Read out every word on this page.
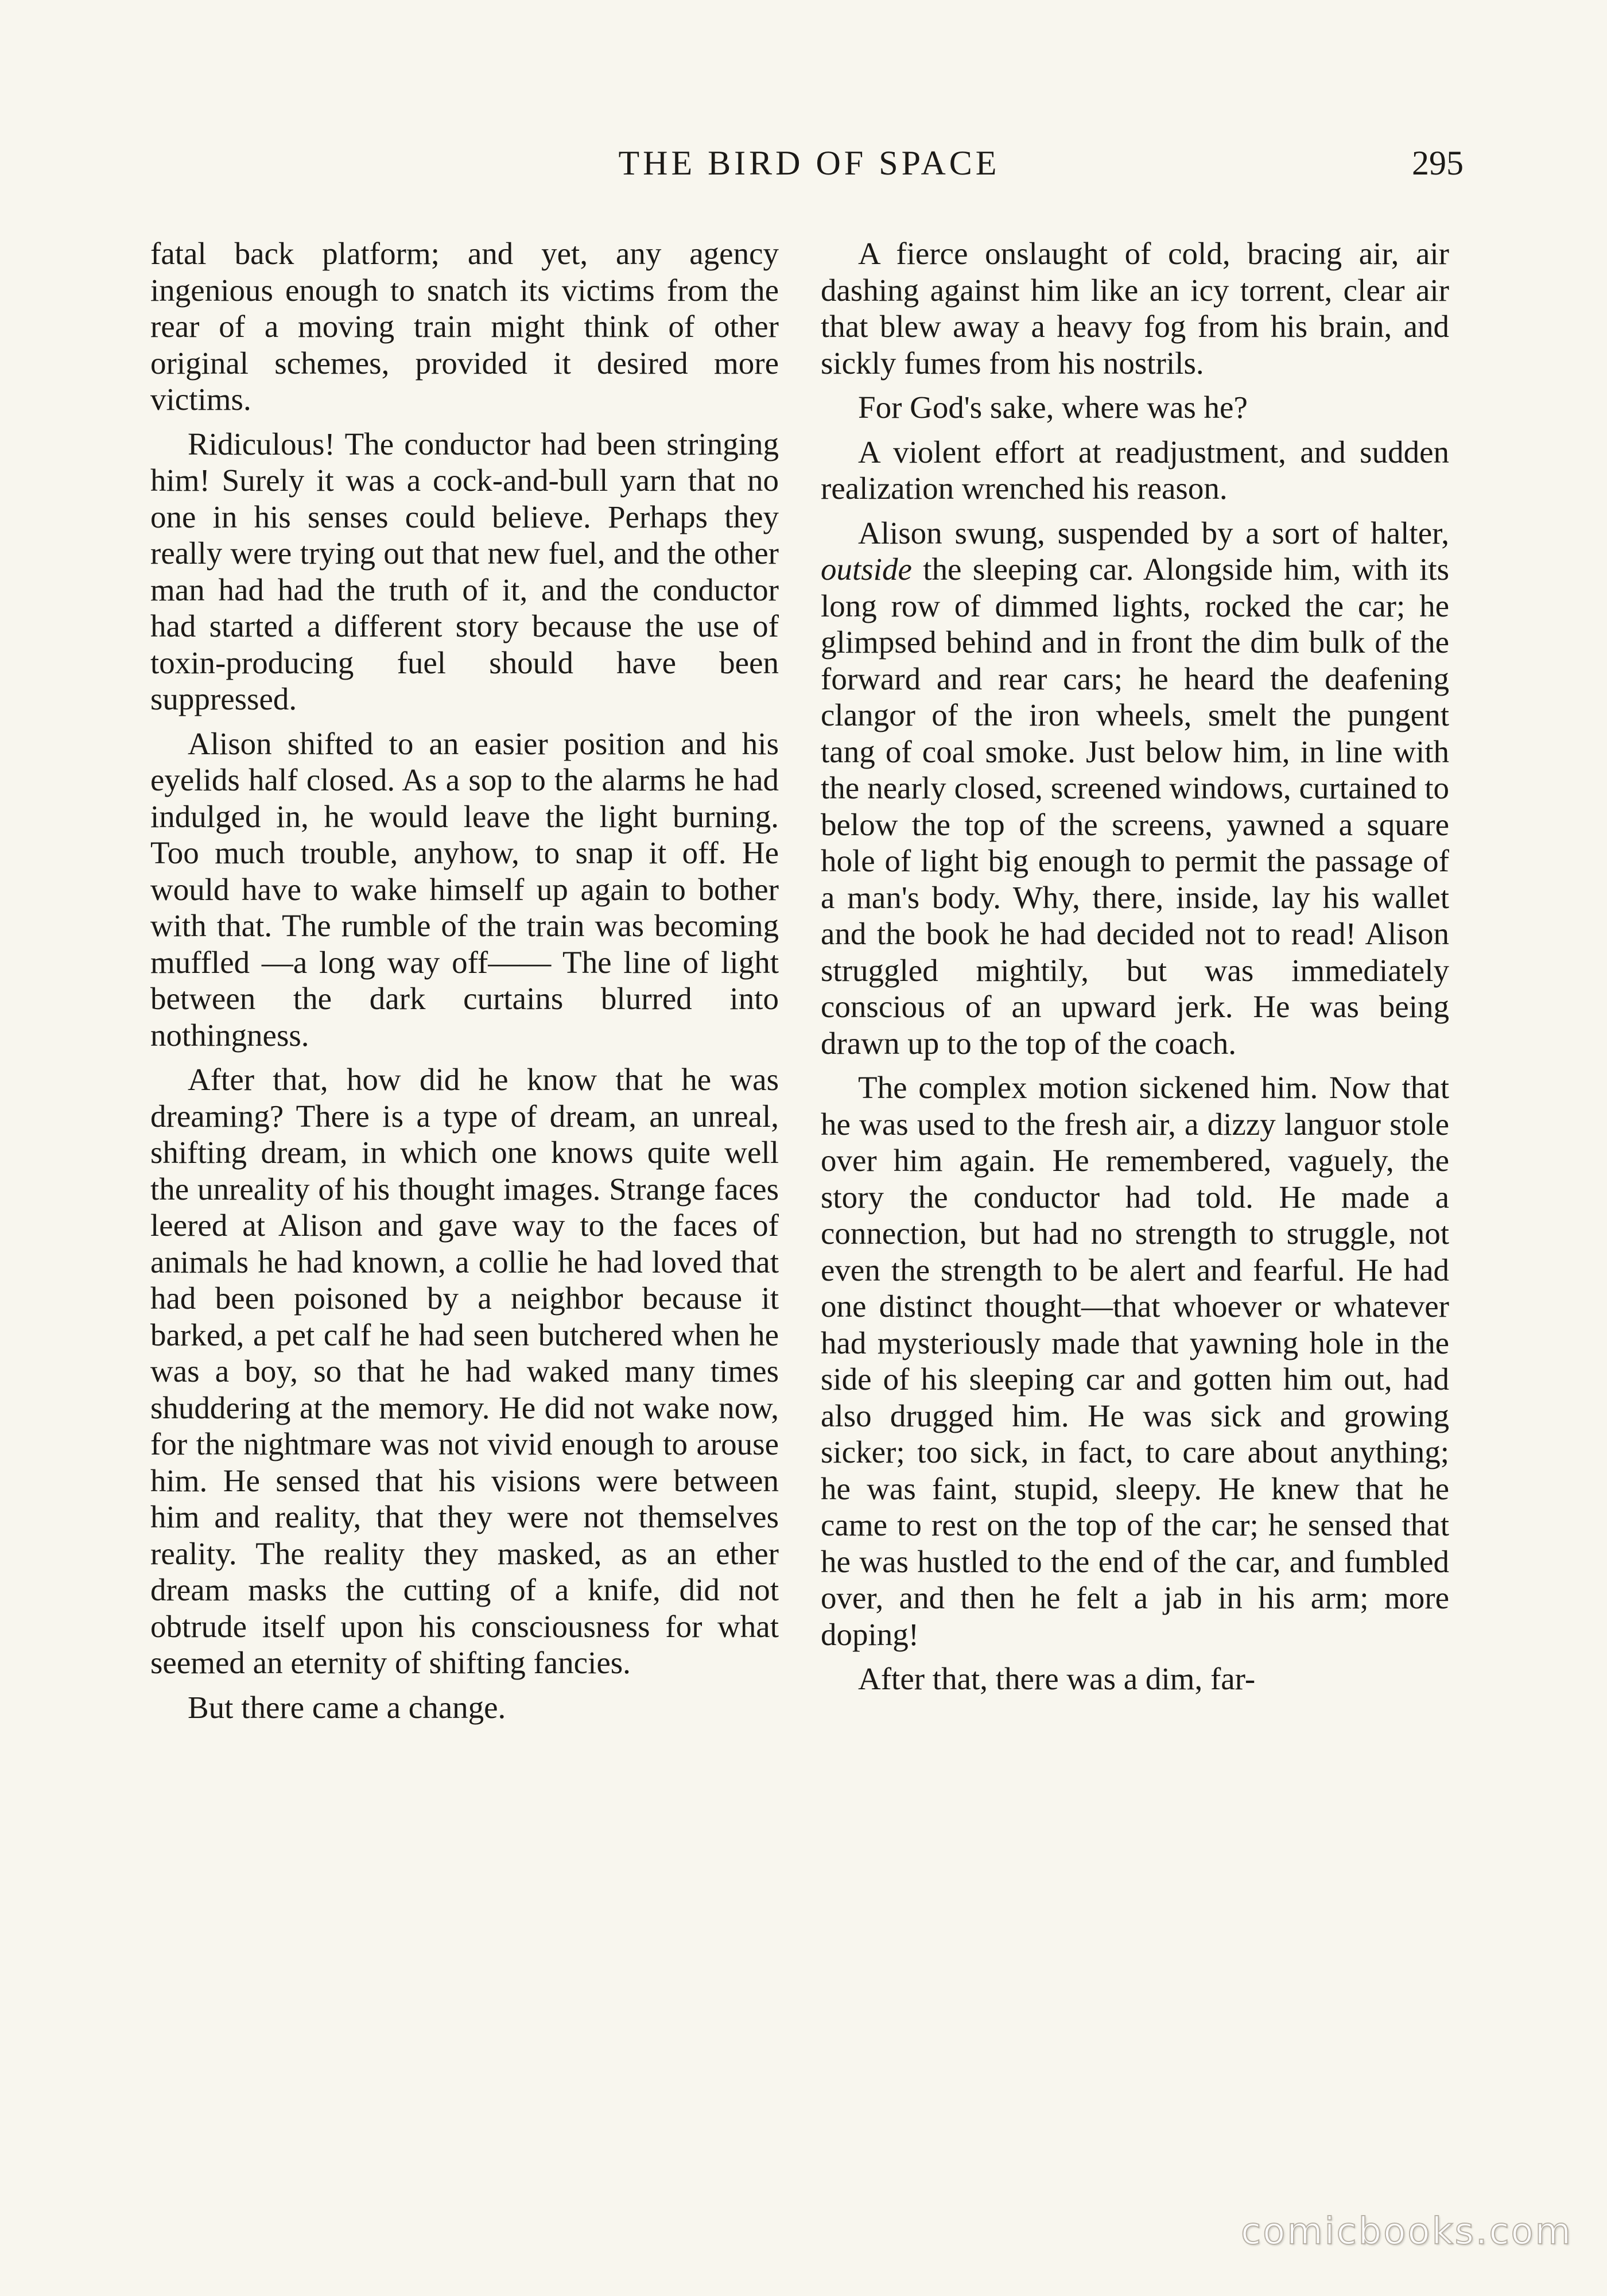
THE BIRD OF SPACE	295

fatal back platform; and yet, any agency ingenious enough to snatch its victims from the rear of a moving train might think of other original schemes, provided it desired more victims.

Ridiculous! The conductor had been stringing him! Surely it was a cock-and-bull yarn that no one in his senses could believe. Perhaps they really were trying out that new fuel, and the other man had had the truth of it, and the conductor had started a different story because the use of toxin-producing fuel should have been suppressed.

Alison shifted to an easier position and his eyelids half closed. As a sop to the alarms he had indulged in, he would leave the light burning. Too much trouble, anyhow, to snap it off. He would have to wake himself up again to bother with that. The rumble of the train was becoming muffled —a long way off—— The line of light between the dark curtains blurred into nothingness.

After that, how did he know that he was dreaming? There is a type of dream, an unreal, shifting dream, in which one knows quite well the unreality of his thought images. Strange faces leered at Alison and gave way to the faces of animals he had known, a collie he had loved that had been poisoned by a neighbor because it barked, a pet calf he had seen butchered when he was a boy, so that he had waked many times shuddering at the memory. He did not wake now, for the nightmare was not vivid enough to arouse him. He sensed that his visions were between him and reality, that they were not themselves reality. The reality they masked, as an ether dream masks the cutting of a knife, did not obtrude itself upon his consciousness for what seemed an eternity of shifting fancies.

But there came a change.

A fierce onslaught of cold, bracing air, air dashing against him like an icy torrent, clear air that blew away a heavy fog from his brain, and sickly fumes from his nostrils.

For God's sake, where was he?

A violent effort at readjustment, and sudden realization wrenched his reason.

Alison swung, suspended by a sort of halter, outside the sleeping car. Alongside him, with its long row of dimmed lights, rocked the car; he glimpsed behind and in front the dim bulk of the forward and rear cars; he heard the deafening clangor of the iron wheels, smelt the pungent tang of coal smoke. Just below him, in line with the nearly closed, screened windows, curtained to below the top of the screens, yawned a square hole of light big enough to permit the passage of a man's body. Why, there, inside, lay his wallet and the book he had decided not to read! Alison struggled mightily, but was immediately conscious of an upward jerk. He was being drawn up to the top of the coach.

The complex motion sickened him. Now that he was used to the fresh air, a dizzy languor stole over him again. He remembered, vaguely, the story the conductor had told. He made a connection, but had no strength to struggle, not even the strength to be alert and fearful. He had one distinct thought—that whoever or whatever had mysteriously made that yawning hole in the side of his sleeping car and gotten him out, had also drugged him. He was sick and growing sicker; too sick, in fact, to care about anything; he was faint, stupid, sleepy. He knew that he came to rest on the top of the car; he sensed that he was hustled to the end of the car, and fumbled over, and then he felt a jab in his arm; more doping!

After that, there was a dim, far-

comicbooks.com
